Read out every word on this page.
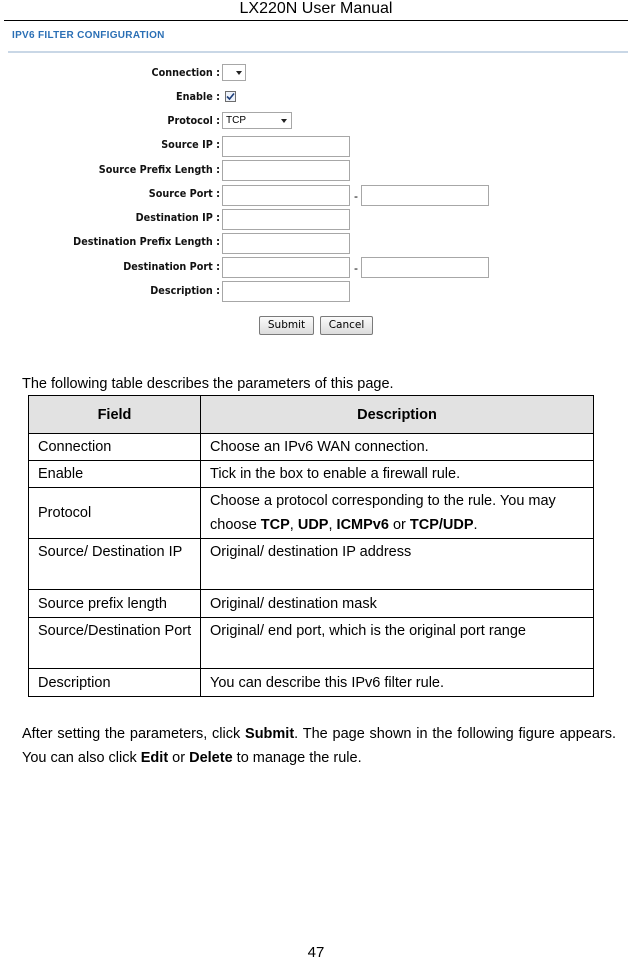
LX220N User Manual
IPV6 FILTER CONFIGURATION
Connection :
Enable :
Protocol : TCP
Source IP :
Source Prefix Length :
Source Port :	-
Destination IP :
Destination Prefix Length :
Destination Port :	-
Description :
Submit	Cancel
The following table describes the parameters of this page.
Field	Description
Connection	Choose an IPv6 WAN connection.
Enable	Tick in the box to enable a firewall rule.
Protocol	Choose a protocol corresponding to the rule. You may choose TCP, UDP, ICMPv6 or TCP/UDP.
Source/ Destination IP	Original/ destination IP address
Source prefix length	Original/ destination mask
Source/Destination Port	Original/ end port, which is the original port range
Description	You can describe this IPv6 filter rule.
After setting the parameters, click Submit. The page shown in the following figure appears. You can also click Edit or Delete to manage the rule.
47
